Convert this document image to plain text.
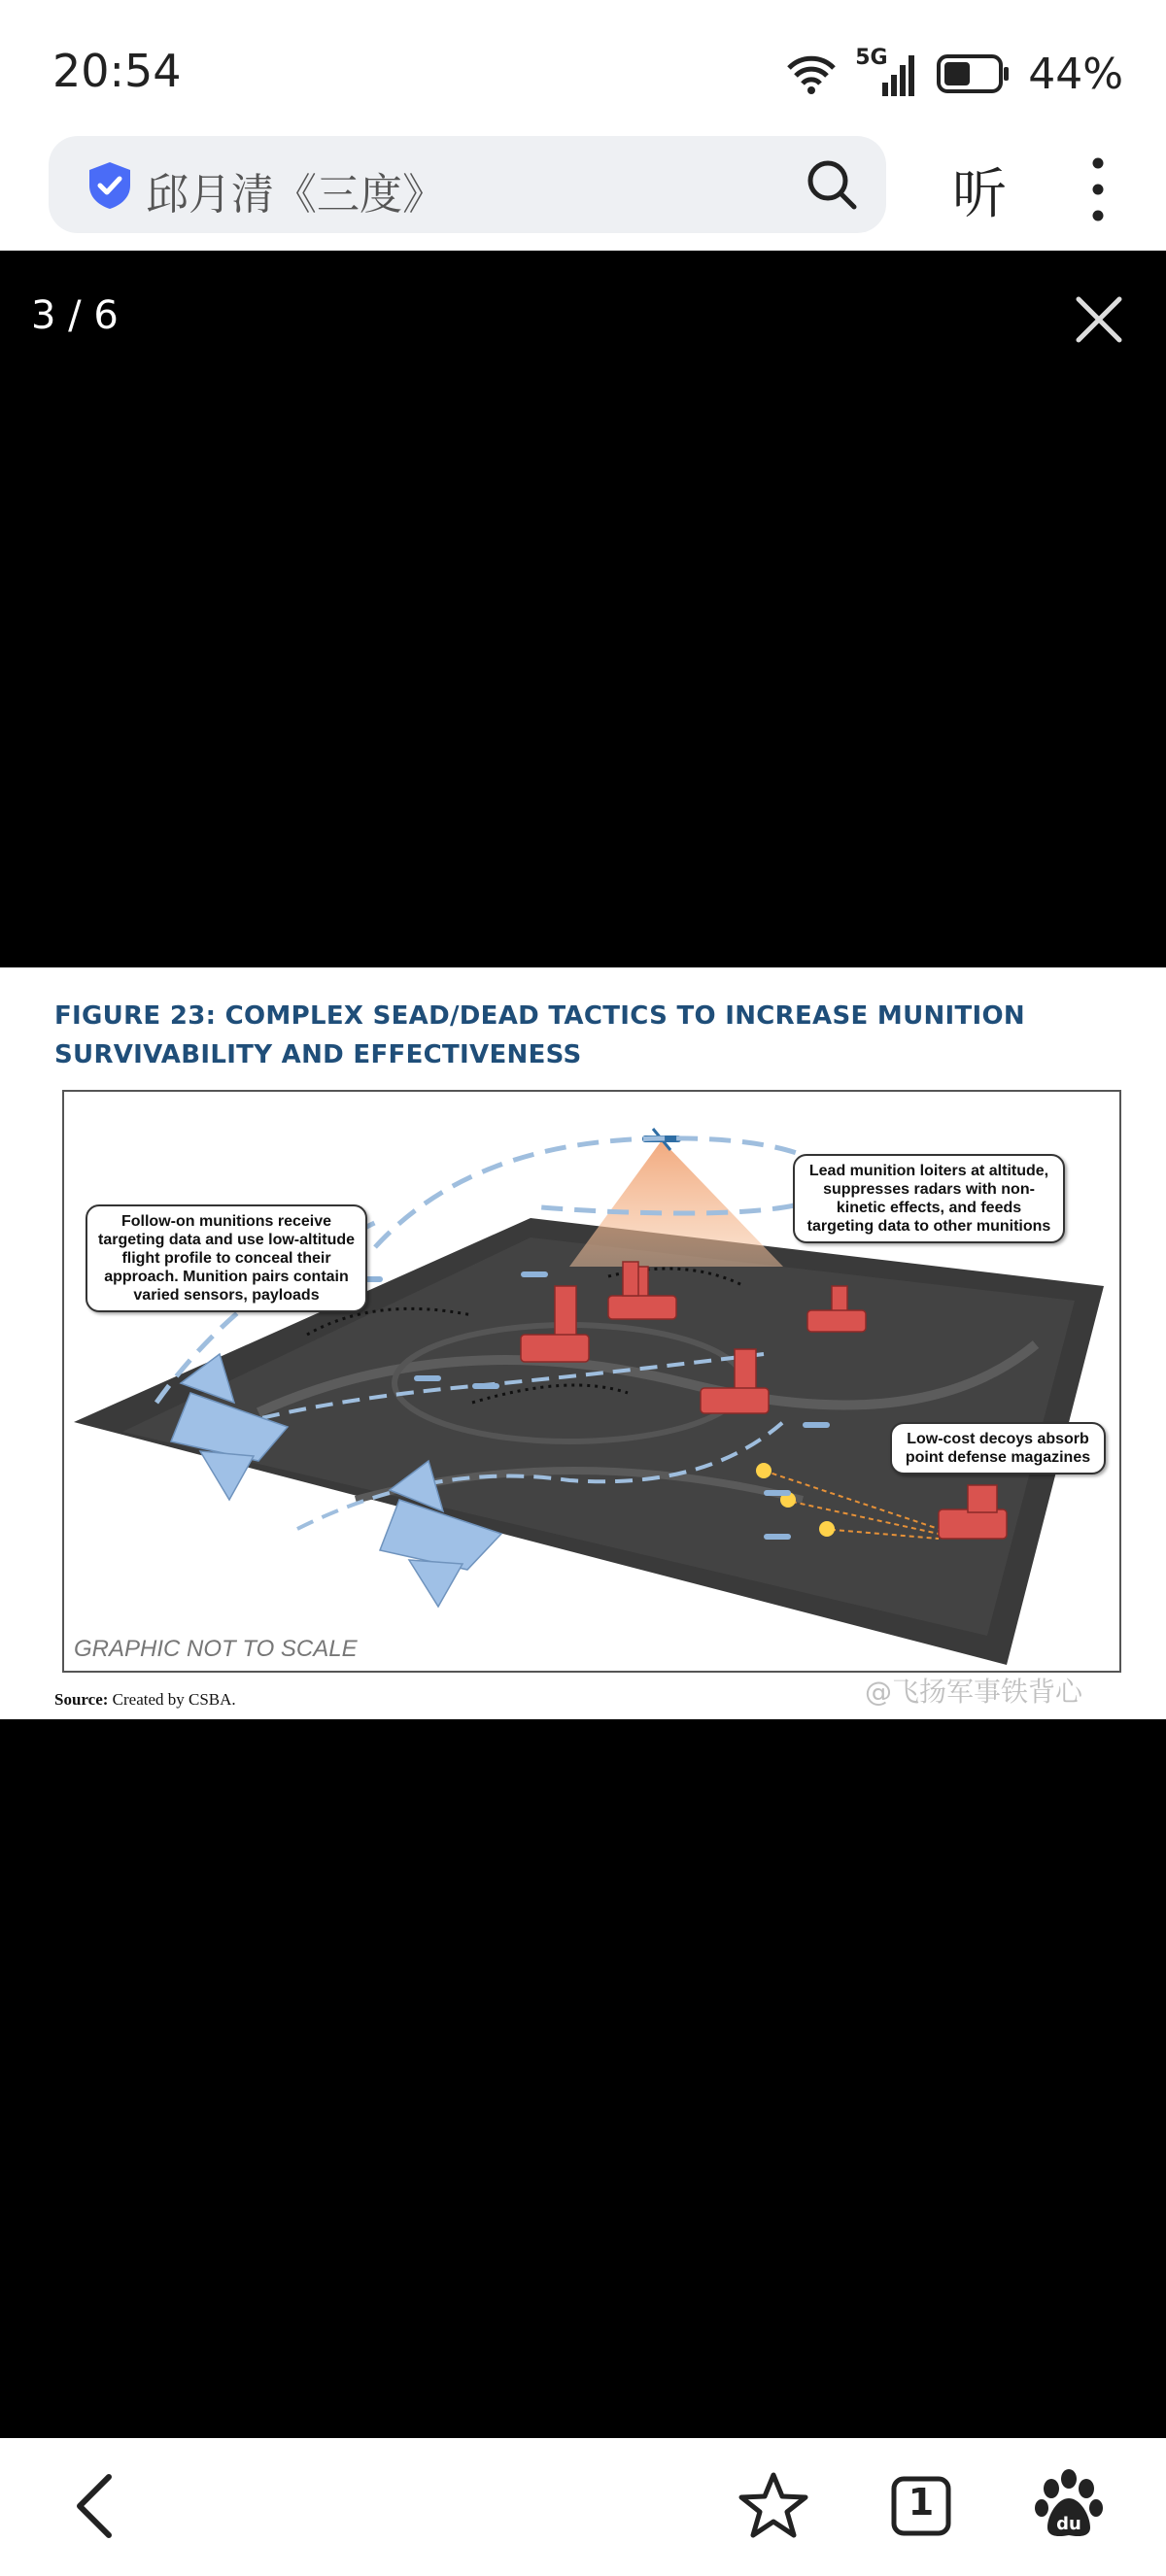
20:54	5G	44%
邱月清《三度》	听
3 / 6
FIGURE 23: COMPLEX SEAD/DEAD TACTICS TO INCREASE MUNITION SURVIVABILITY AND EFFECTIVENESS
Follow-on munitions receive targeting data and use low-altitude flight profile to conceal their approach. Munition pairs contain varied sensors, payloads
Lead munition loiters at altitude, suppresses radars with non-kinetic effects, and feeds targeting data to other munitions
Low-cost decoys absorb point defense magazines
GRAPHIC NOT TO SCALE
Source: Created by CSBA.	@飞扬军事铁背心
1
du
